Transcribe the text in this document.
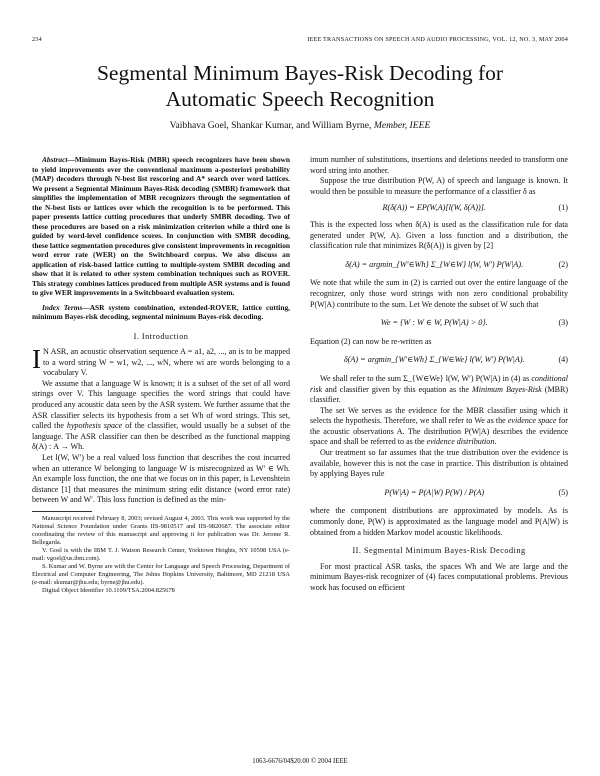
234	IEEE TRANSACTIONS ON SPEECH AND AUDIO PROCESSING, VOL. 12, NO. 3, MAY 2004
Segmental Minimum Bayes-Risk Decoding for
Automatic Speech Recognition
Vaibhava Goel, Shankar Kumar, and William Byrne, Member, IEEE

Abstract—Minimum Bayes-Risk (MBR) speech recognizers have been shown to yield improvements over the conventional maximum a-posteriori probability (MAP) decoders through N-best list rescoring and A* search over word lattices. We present a Segmental Minimum Bayes-Risk decoding (SMBR) framework that simplifies the implementation of MBR recognizers through the segmentation of the N-best lists or lattices over which the recognition is to be performed. This paper presents lattice cutting procedures that underly SMBR decoding. Two of these procedures are based on a risk minimization criterion while a third one is guided by word-level confidence scores. In conjunction with SMBR decoding, these lattice segmentation procedures give consistent improvements in recognition word error rate (WER) on the Switchboard corpus. We also discuss an application of risk-based lattice cutting to multiple-system SMBR decoding and show that it is related to other system combination techniques such as ROVER. This strategy combines lattices produced from multiple ASR systems and is found to give WER improvements in a Switchboard evaluation system.

Index Terms—ASR system combination, extended-ROVER, lattice cutting, minimum Bayes-risk decoding, segmental minimum Bayes-risk decoding.

I. Introduction

I N ASR, an acoustic observation sequence A = a1, a2, ..., an is to be mapped to a word string W = w1, w2, ..., wN, where wi are words belonging to a vocabulary V.

We assume that a language W is known; it is a subset of the set of all word strings over V. This language specifies the word strings that could have produced any acoustic data seen by the ASR system. We further assume that the ASR classifier selects its hypothesis from a set Wh of word strings. This set, called the hypothesis space of the classifier, would usually be a subset of the language. The ASR classifier can then be described as the functional mapping δ(A) : A → Wh.

Let l(W, W′) be a real valued loss function that describes the cost incurred when an utterance W belonging to language W is misrecognized as W′ ∈ Wh. An example loss function, the one that we focus on in this paper, is Levenshtein distance [1] that measures the minimum string edit distance (word error rate) between W and W′. This loss function is defined as the min-

Manuscript received February 8, 2003; revised August 4, 2003. This work was supported by the National Science Foundation under Grants IIS-9810517 and IIS-9820687. The associate editor coordinating the review of this manuscript and approving it for publication was Dr. Jerome R. Bellegarda.

V. Goel is with the IBM T. J. Watson Research Center, Yorktown Heights, NY 10598 USA (e-mail: vgoel@us.ibm.com).

S. Kumar and W. Byrne are with the Center for Language and Speech Processing, Department of Electrical and Computer Engineering, The Johns Hopkins University, Baltimore, MD 21218 USA (e-mail: skumar@jhu.edu; byrne@jhu.edu).

Digital Object Identifier 10.1109/TSA.2004.825678

imum number of substitutions, insertions and deletions needed to transform one word string into another.

Suppose the true distribution P(W, A) of speech and language is known. It would then be possible to measure the performance of a classifier δ as

R(δ(A)) = EP(W,A)[l(W, δ(A))].	(1)

This is the expected loss when δ(A) is used as the classification rule for data generated under P(W, A). Given a loss function and a distribution, the classification rule that minimizes R(δ(A)) is given by [2]

δ(A) = argmin_{W′∈Wh} Σ_{W∈W} l(W, W′) P(W|A).	(2)

We note that while the sum in (2) is carried out over the entire language of the recognizer, only those word strings with non zero conditional probability P(W|A) contribute to the sum. Let We denote the subset of W such that

We = {W : W ∈ W, P(W|A) > 0}.	(3)

Equation (2) can now be re-written as

δ(A) = argmin_{W′∈Wh} Σ_{W∈We} l(W, W′) P(W|A).	(4)

We shall refer to the sum Σ_{W∈We} l(W, W′) P(W|A) in (4) as conditional risk and classifier given by this equation as the Minimum Bayes-Risk (MBR) classifier.

The set We serves as the evidence for the MBR classifier using which it selects the hypothesis. Therefore, we shall refer to We as the evidence space for the acoustic observations A. The distribution P(W|A) describes the evidence space and shall be referred to as the evidence distribution.

Our treatment so far assumes that the true distribution over the evidence is available, however this is not the case in practice. This distribution is obtained by applying Bayes rule

P(W|A) = P(A|W) P(W) / P(A)	(5)

where the component distributions are approximated by models. As is commonly done, P(W) is approximated as the language model and P(A|W) is obtained from a hidden Markov model acoustic likelihoods.

II. Segmental Minimum Bayes-Risk Decoding

For most practical ASR tasks, the spaces Wh and We are large and the minimum Bayes-risk recognizer of (4) faces computational problems. Previous work has focused on efficient

1063-6676/04$20.00 © 2004 IEEE
